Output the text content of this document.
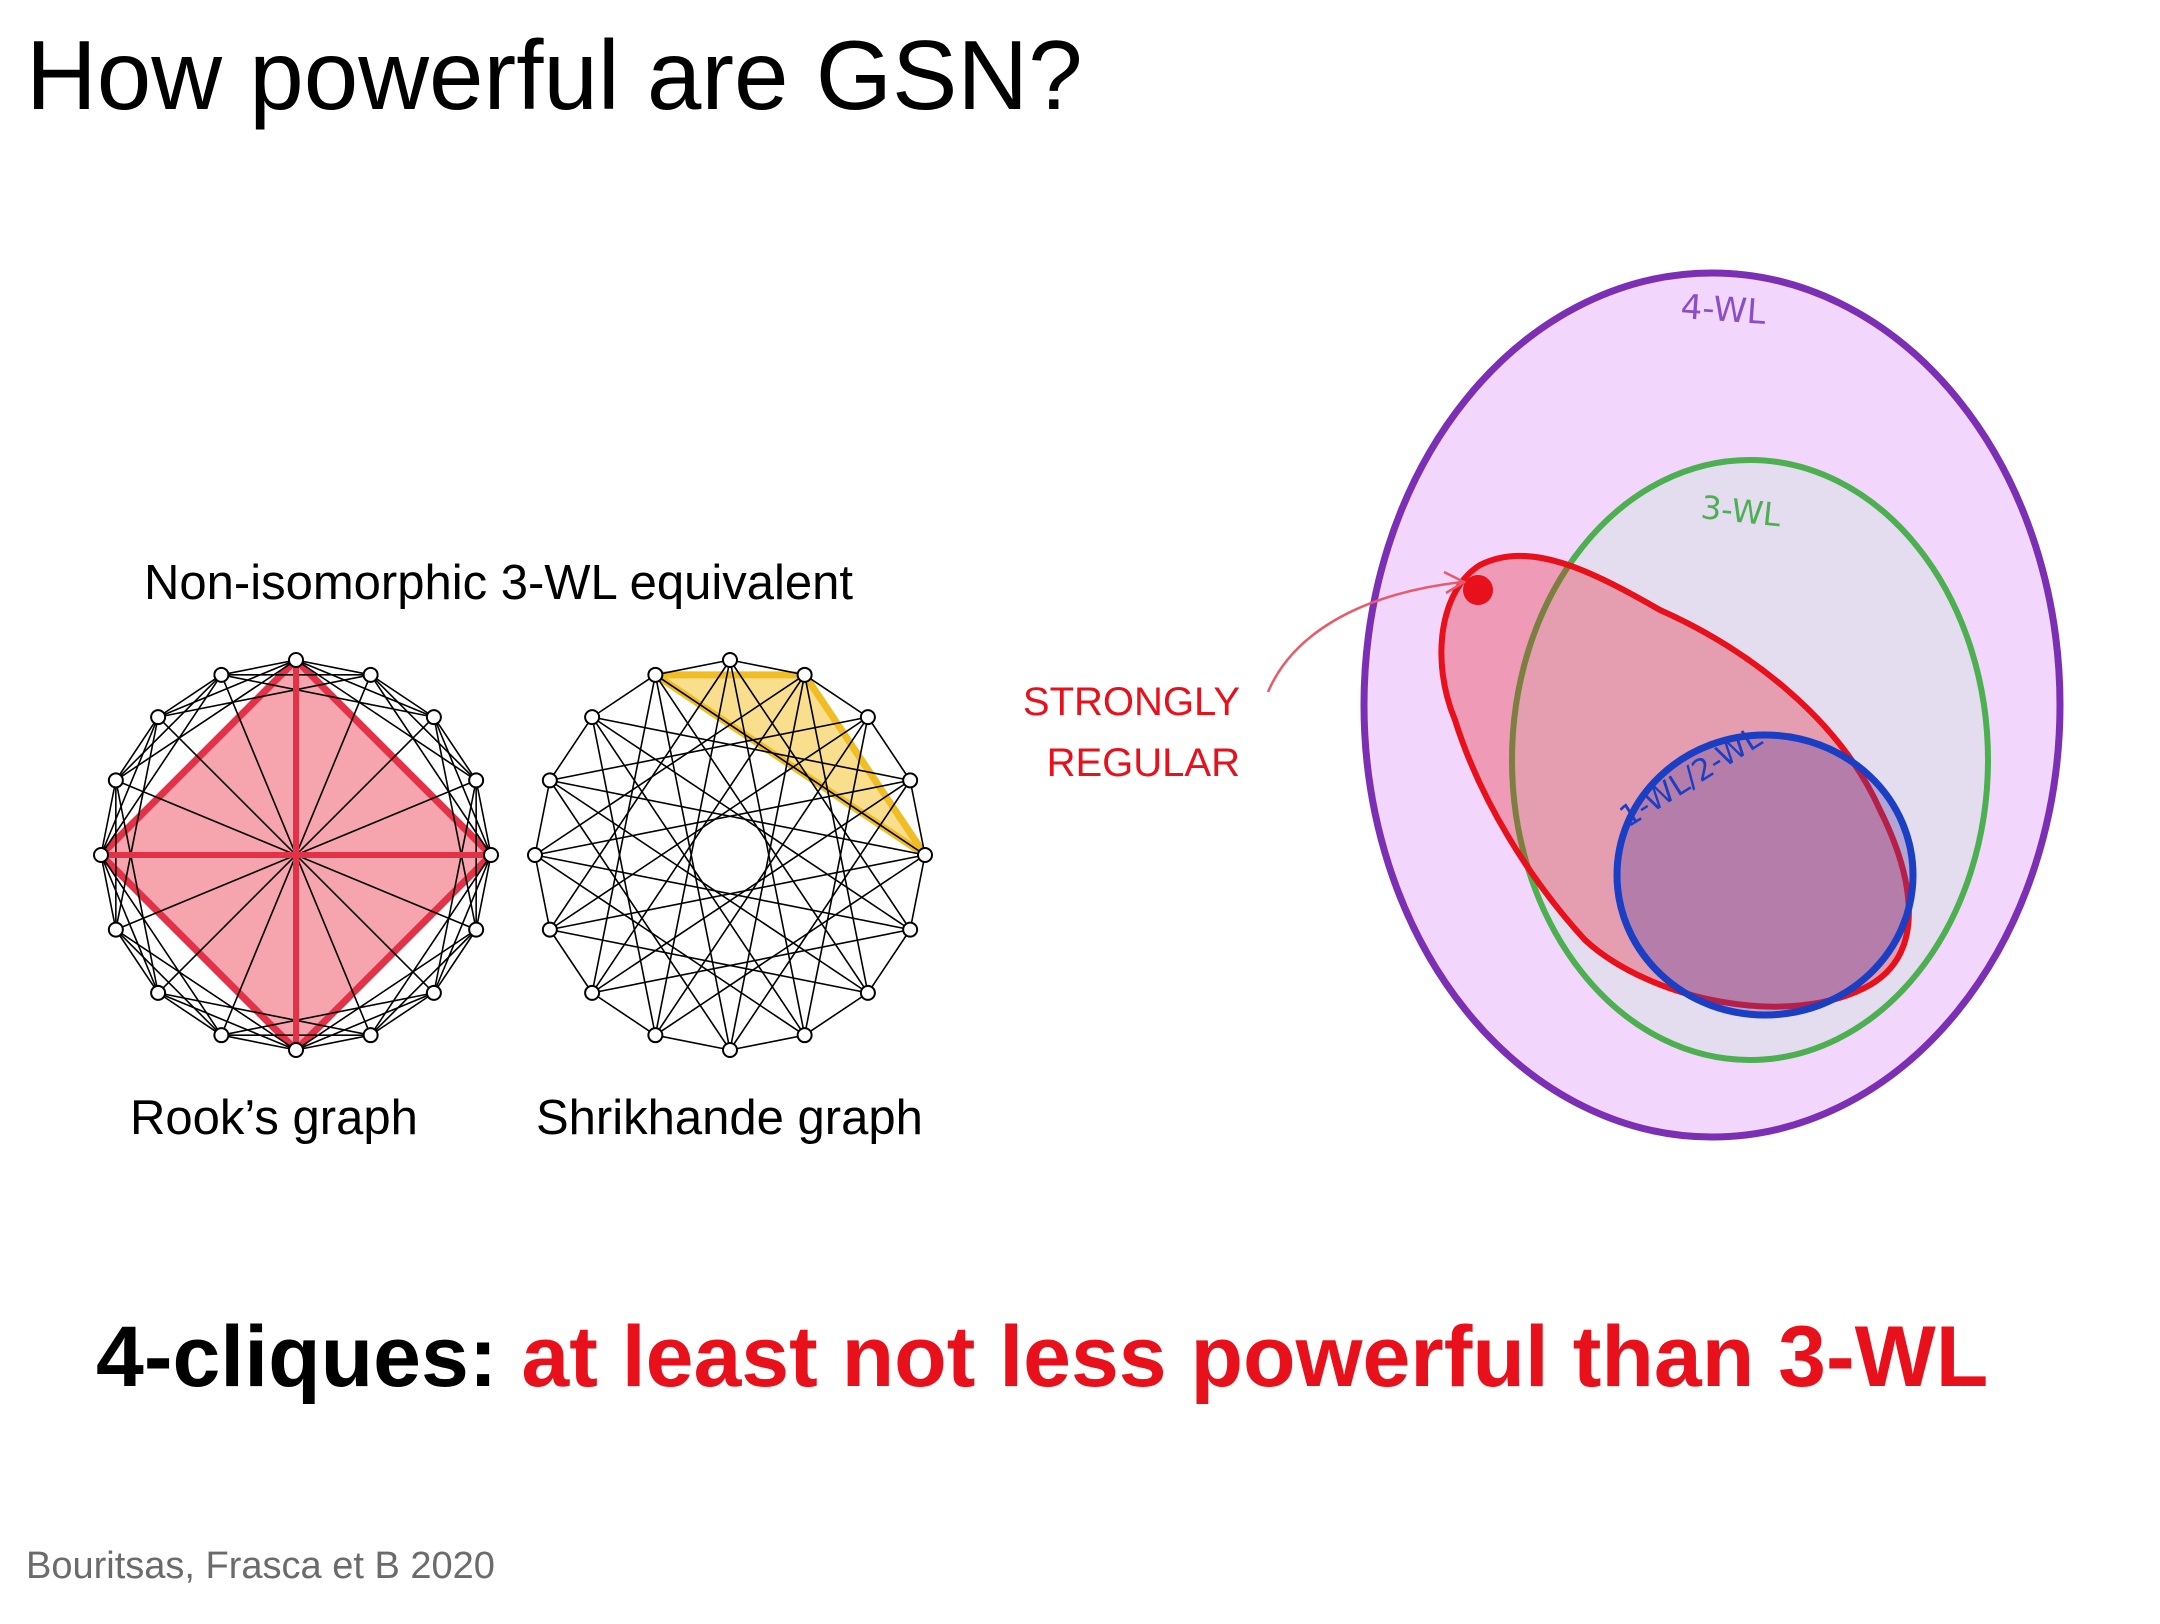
How powerful are GSN?
Non-isomorphic 3-WL equivalent
Rook’s graph Shrikhande graph
STRONGLY
REGULAR
4-WL
3-WL
1-WL/2-WL
4-cliques: at least not less powerful than 3-WL
Bouritsas, Frasca et B 2020
